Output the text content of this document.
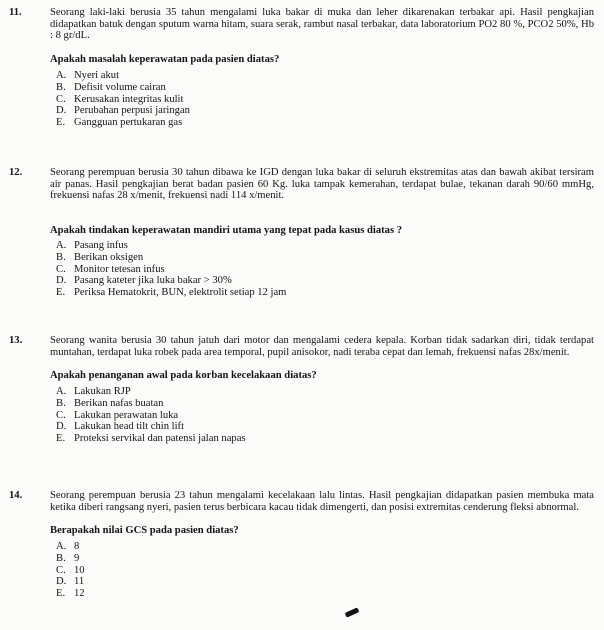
11.	Seorang laki-laki berusia 35 tahun mengalami luka bakar di muka dan leher dikarenakan terbakar api. Hasil pengkajian didapatkan batuk dengan sputum warna hitam, suara serak, rambut nasal terbakar, data laboratorium PO2 80 %, PCO2 50%, Hb : 8 gr/dL.
Apakah masalah keperawatan pada pasien diatas?
A. Nyeri akut
B. Defisit volume cairan
C. Kerusakan integritas kulit
D. Perubahan perpusi jaringan
E. Gangguan pertukaran gas
12.	Seorang perempuan berusia 30 tahun dibawa ke IGD dengan luka bakar di seluruh ekstremitas atas dan bawah akibat tersiram air panas. Hasil pengkajian berat badan pasien 60 Kg. luka tampak kemerahan, terdapat bulae, tekanan darah 90/60 mmHg, frekuensi nafas 28 x/menit, frekuensi nadi 114 x/menit.
Apakah tindakan keperawatan mandiri utama yang tepat pada kasus diatas ?
A. Pasang infus
B. Berikan oksigen
C. Monitor tetesan infus
D. Pasang kateter jika luka bakar > 30%
E. Periksa Hematokrit, BUN, elektrolit setiap 12 jam
13.	Seorang wanita berusia 30 tahun jatuh dari motor dan mengalami cedera kepala. Korban tidak sadarkan diri, tidak terdapat muntahan, terdapat luka robek pada area temporal, pupil anisokor, nadi teraba cepat dan lemah, frekuensi nafas 28x/menit.
Apakah penanganan awal pada korban kecelakaan diatas?
A. Lakukan RJP
B. Berikan nafas buatan
C. Lakukan perawatan luka
D. Lakukan head tilt chin lift
E. Proteksi servikal dan patensi jalan napas
14.	Seorang perempuan berusia 23 tahun mengalami kecelakaan lalu lintas. Hasil pengkajian didapatkan pasien membuka mata ketika diberi rangsang nyeri, pasien terus berbicara kacau tidak dimengerti, dan posisi extremitas cenderung fleksi abnormal.
Berapakah nilai GCS pada pasien diatas?
A. 8
B. 9
C. 10
D. 11
E. 12
